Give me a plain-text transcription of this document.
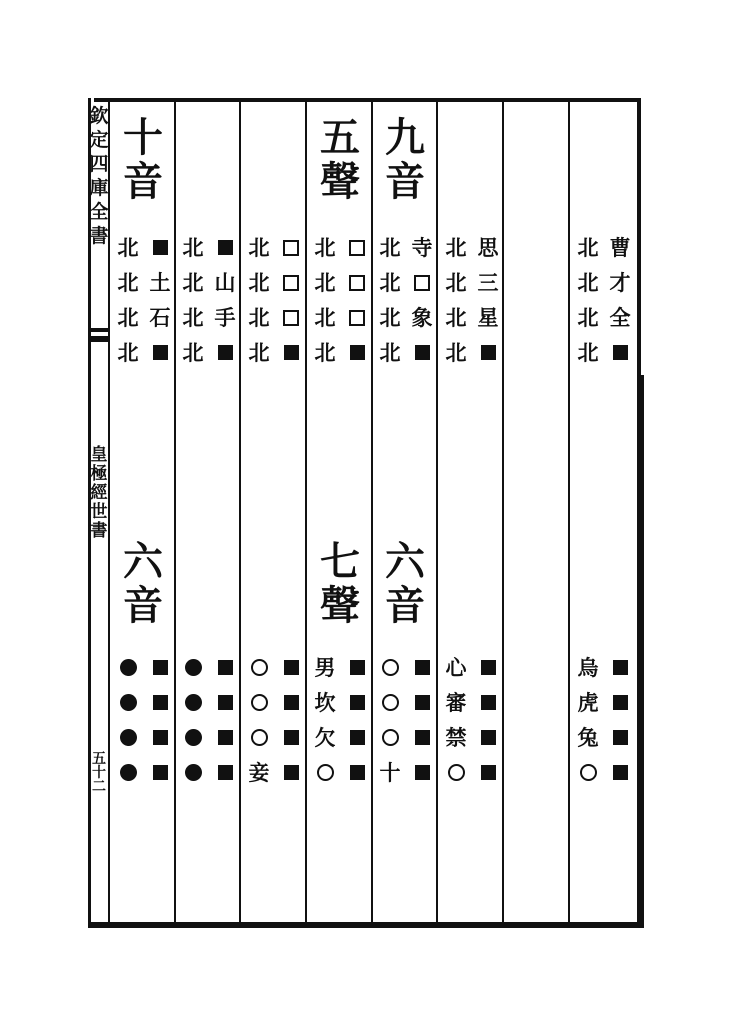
欽
定
四
庫
全
書
皇
極
經
世
書
五
十
二
十
音
北
北
北
北
土
石
六
音
北
北
北
北
山
手
北
北
北
北
妾
五
聲
北
北
北
北
七
聲
男
坎
欠
九
音
北
北
北
北
寺
象
六
音
十
北
北
北
北
思
三
星
心
審
禁
北
北
北
北
曹
才
全
烏
虎
兔
